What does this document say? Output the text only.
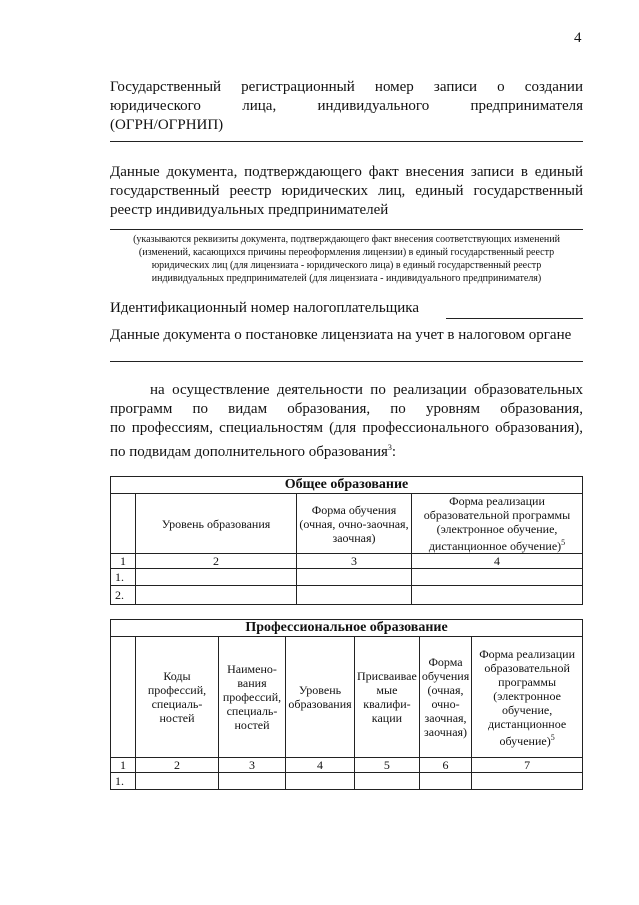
4
Государственный регистрационный номер записи о создании
юридического лица, индивидуального предпринимателя
(ОГРН/ОГРНИП)
Данные документа, подтверждающего факт внесения записи в единый
государственный реестр юридических лиц, единый государственный
реестр индивидуальных предпринимателей
(указываются реквизиты документа, подтверждающего факт внесения соответствующих изменений
(изменений, касающихся причины переоформления лицензии) в единый государственный реестр
юридических лиц (для лицензиата - юридического лица) в единый государственный реестр
индивидуальных предпринимателей (для лицензиата - индивидуального предпринимателя)
Идентификационный номер налогоплательщика
Данные документа о постановке лицензиата на учет в налоговом органе
на осуществление деятельности по реализации образовательных
программ по видам образования, по уровням образования,
по профессиям, специальностям (для профессионального образования),
по подвидам дополнительного образования$^3$:
Общее образование			
	Уровень образования	Форма обучения (очная, очно-заочная, заочная)	Форма реализации образовательной программы (электронное обучение, дистанционное обучение)$^5$
1	2	3	4
1.			
2.			
Профессиональное образование						
	Коды профессий, специаль-ностей	Наимено-вания профессий, специаль-ностей	Уровень образования	Присваивае мые квалифи-кации	Форма обучения (очная, очно-заочная, заочная)	Форма реализации образовательной программы (электронное обучение, дистанционное обучение)$^5$
1	2	3	4	5	6	7
1.						
